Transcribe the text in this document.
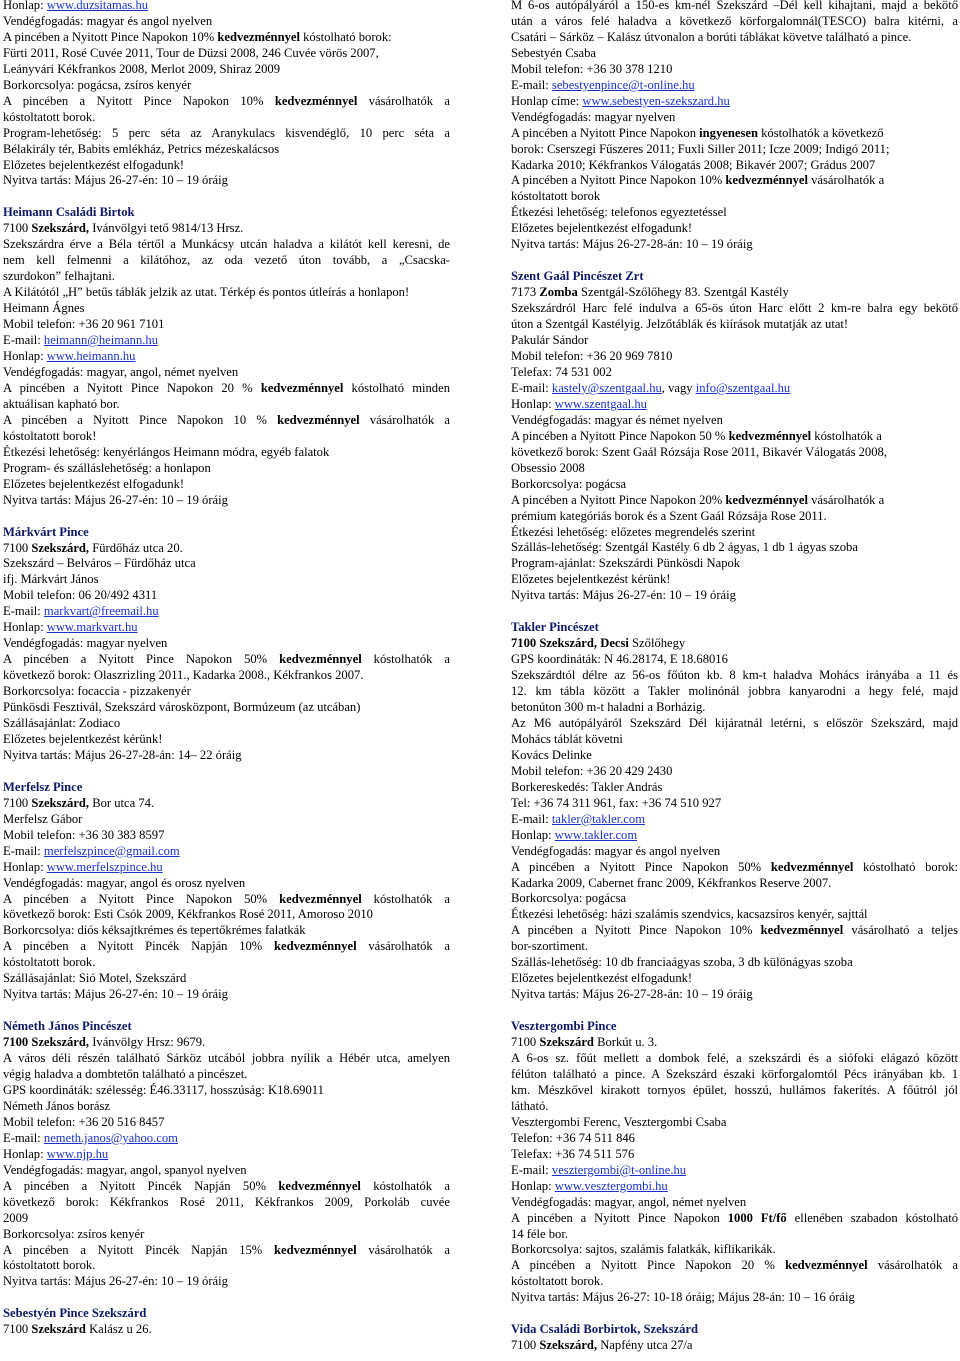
Honlap: www.duzsitamas.hu
Vendégfogadás: magyar és angol nyelven
A pincében a Nyitott Pince Napokon 10% kedvezménnyel kóstolható borok:
Fürti 2011, Rosé Cuvée 2011, Tour de Düzsi 2008, 246 Cuvée vörös 2007,
Leányvári Kékfrankos 2008, Merlot 2009, Shiraz 2009
Borkorcsolya: pogácsa, zsíros kenyér
A pincében a Nyitott Pince Napokon 10% kedvezménnyel vásárolhatók a
kóstoltatott borok.
Program-lehetőség: 5 perc séta az Aranykulacs kisvendéglő, 10 perc séta a
Bélakirály tér, Babits emlékház, Petrics mézeskalácsos
Előzetes bejelentkezést elfogadunk!
Nyitva tartás: Május 26-27-én: 10 – 19 óráig
Heimann Családi Birtok
7100 Szekszárd, Ivánvölgyi tető 9814/13 Hrsz.
Szekszárdra érve a Béla tértől a Munkácsy utcán haladva a kilátót kell keresni, de
nem kell felmenni a kilátóhoz, az oda vezető úton tovább, a „Csacska-
szurdokon” felhajtani.
A Kilátótól „H” betűs táblák jelzik az utat. Térkép és pontos útleírás a honlapon!
Heimann Ágnes
Mobil telefon: +36 20 961 7101
E-mail: heimann@heimann.hu
Honlap: www.heimann.hu
Vendégfogadás: magyar, angol, német nyelven
A pincében a Nyitott Pince Napokon 20 % kedvezménnyel kóstolható minden
aktuálisan kapható bor.
A pincében a Nyitott Pince Napokon 10 % kedvezménnyel vásárolhatók a
kóstoltatott borok!
Étkezési lehetőség: kenyérlángos Heimann módra, egyéb falatok
Program- és szálláslehetőség: a honlapon
Előzetes bejelentkezést elfogadunk!
Nyitva tartás: Május 26-27-én: 10 – 19 óráig
Márkvárt Pince
7100 Szekszárd, Fürdőház utca 20.
Szekszárd – Belváros – Fürdőház utca
ifj. Márkvárt János
Mobil telefon: 06 20/492 4311
E-mail: markvart@freemail.hu
Honlap: www.markvart.hu
Vendégfogadás: magyar nyelven
A pincében a Nyitott Pince Napokon 50% kedvezménnyel kóstolhatók a
következő borok: Olaszrizling 2011., Kadarka 2008., Kékfrankos 2007.
Borkorcsolya: focaccia - pizzakenyér
Pünkösdi Fesztivál, Szekszárd városközpont, Bormúzeum (az utcában)
Szállásajánlat: Zodiaco
Előzetes bejelentkezést kérünk!
Nyitva tartás: Május 26-27-28-án: 14– 22 óráig
Merfelsz Pince
7100 Szekszárd, Bor utca 74.
Merfelsz Gábor
Mobil telefon: +36 30 383 8597
E-mail: merfelszpince@gmail.com
Honlap: www.merfelszpince.hu
Vendégfogadás: magyar, angol és orosz nyelven
A pincében a Nyitott Pince Napokon 50% kedvezménnyel kóstolhatók a
következő borok: Esti Csók 2009, Kékfrankos Rosé 2011, Amoroso 2010
Borkorcsolya: diós kéksajtkrémes és tepertőkrémes falatkák
A pincében a Nyitott Pincék Napján 10% kedvezménnyel vásárolhatók a
kóstoltatott borok.
Szállásajánlat: Sió Motel, Szekszárd
Nyitva tartás: Május 26-27-én: 10 – 19 óráig
Németh János Pincészet
7100 Szekszárd, Ivánvölgy Hrsz: 9679.
A város déli részén található Sárköz utcából jobbra nyílik a Hébér utca, amelyen
végig haladva a dombtetőn található a pincészet.
GPS koordináták: szélesség: É46.33117, hosszúság: K18.69011
Németh János borász
Mobil telefon: +36 20 516 8457
E-mail: nemeth.janos@yahoo.com
Honlap: www.njp.hu
Vendégfogadás: magyar, angol, spanyol nyelven
A pincében a Nyitott Pincék Napján 50% kedvezménnyel kóstolhatók a
következő borok: Kékfrankos Rosé 2011, Kékfrankos 2009, Porkoláb cuvée
2009
Borkorcsolya: zsíros kenyér
A pincében a Nyitott Pincék Napján 15% kedvezménnyel vásárolhatók a
kóstoltatott borok.
Nyitva tartás: Május 26-27-én: 10 – 19 óráig
Sebestyén Pince Szekszárd
7100 Szekszárd Kalász u 26.
M 6-os autópályáról a 150-es km-nél Szekszárd –Dél kell kihajtani, majd a bekötő
után a város felé haladva a következő körforgalomnál(TESCO) balra kitérni, a
Csatári – Sárköz – Kalász útvonalon a borúti táblákat követve található a pince.
Sebestyén Csaba
Mobil telefon: +36 30 378 1210
E-mail: sebestyenpince@t-online.hu
Honlap címe: www.sebestyen-szekszard.hu
Vendégfogadás: magyar nyelven
A pincében a Nyitott Pince Napokon ingyenesen kóstolhatók a következő
borok: Cserszegi Fűszeres 2011; Fuxli Siller 2011; Icze 2009; Indigó 2011;
Kadarka 2010; Kékfrankos Válogatás 2008; Bikavér 2007; Grádus 2007
A pincében a Nyitott Pince Napokon 10% kedvezménnyel vásárolhatók a
kóstoltatott borok
Étkezési lehetőség: telefonos egyeztetéssel
Előzetes bejelentkezést elfogadunk!
Nyitva tartás: Május 26-27-28-án: 10 – 19 óráig
Szent Gaál Pincészet Zrt
7173 Zomba Szentgál-Szőlőhegy 83. Szentgál Kastély
Szekszárdról Harc felé indulva a 65-ös úton Harc előtt 2 km-re balra egy bekötő
úton a Szentgál Kastélyig. Jelzőtáblák és kiírások mutatják az utat!
Pakulár Sándor
Mobil telefon: +36 20 969 7810
Telefax: 74 531 002
E-mail: kastely@szentgaal.hu, vagy info@szentgaal.hu
Honlap: www.szentgaal.hu
Vendégfogadás: magyar és német nyelven
A pincében a Nyitott Pince Napokon 50 % kedvezménnyel kóstolhatók a
következő borok: Szent Gaál Rózsája Rose 2011, Bikavér Válogatás 2008,
Obsessio 2008
Borkorcsolya: pogácsa
A pincében a Nyitott Pince Napokon 20% kedvezménnyel vásárolhatók a
prémium kategóriás borok és a Szent Gaál Rózsája Rose 2011.
Étkezési lehetőség: előzetes megrendelés szerint
Szállás-lehetőség: Szentgál Kastély 6 db 2 ágyas, 1 db 1 ágyas szoba
Program-ajánlat: Szekszárdi Pünkösdi Napok
Előzetes bejelentkezést kérünk!
Nyitva tartás: Május 26-27-én: 10 – 19 óráig
Takler Pincészet
7100 Szekszárd, Decsi Szőlőhegy
GPS koordináták: N 46.28174, E 18.68016
Szekszárdtól délre az 56-os főúton kb. 8 km-t haladva Mohács irányába a 11 és
12. km tábla között a Takler molinónál jobbra kanyarodni a hegy felé, majd
betonúton 300 m-t haladni a Borházig.
Az M6 autópályáról Szekszárd Dél kijáratnál letérni, s először Szekszárd, majd
Mohács táblát követni
Kovács Delinke
Mobil telefon: +36 20 429 2430
Borkereskedés: Takler András
Tel: +36 74 311 961, fax: +36 74 510 927
E-mail: takler@takler.com
Honlap: www.takler.com
Vendégfogadás: magyar és angol nyelven
A pincében a Nyitott Pince Napokon 50% kedvezménnyel kóstolható borok:
Kadarka 2009, Cabernet franc 2009, Kékfrankos Reserve 2007.
Borkorcsolya: pogácsa
Étkezési lehetőség: házi szalámis szendvics, kacsazsíros kenyér, sajttál
A pincében a Nyitott Pince Napokon 10% kedvezménnyel vásárolható a teljes
bor-szortiment.
Szállás-lehetőség: 10 db franciaágyas szoba, 3 db különágyas szoba
Előzetes bejelentkezést elfogadunk!
Nyitva tartás: Május 26-27-28-án: 10 – 19 óráig
Vesztergombi Pince
7100 Szekszárd Borkút u. 3.
A 6-os sz. főút mellett a dombok felé, a szekszárdi és a siófoki elágazó között
félúton található a pince. A Szekszárd északi körforgalomtól Pécs irányában kb. 1
km. Mészkővel kirakott tornyos épület, hosszú, hullámos fakerítés. A főútról jól
látható.
Vesztergombi Ferenc, Vesztergombi Csaba
Telefon: +36 74 511 846
Telefax: +36 74 511 576
E-mail: vesztergombi@t-online.hu
Honlap: www.vesztergombi.hu
Vendégfogadás: magyar, angol, német nyelven
A pincében a Nyitott Pince Napokon 1000 Ft/fő ellenében szabadon kóstolható
14 féle bor.
Borkorcsolya: sajtos, szalámis falatkák, kiflikarikák.
A pincében a Nyitott Pince Napokon 20 % kedvezménnyel vásárolhatók a
kóstoltatott borok.
Nyitva tartás: Május 26-27: 10-18 óráig; Május 28-án: 10 – 16 óráig
Vida Családi Borbirtok, Szekszárd
7100 Szekszárd, Napfény utca 27/a
